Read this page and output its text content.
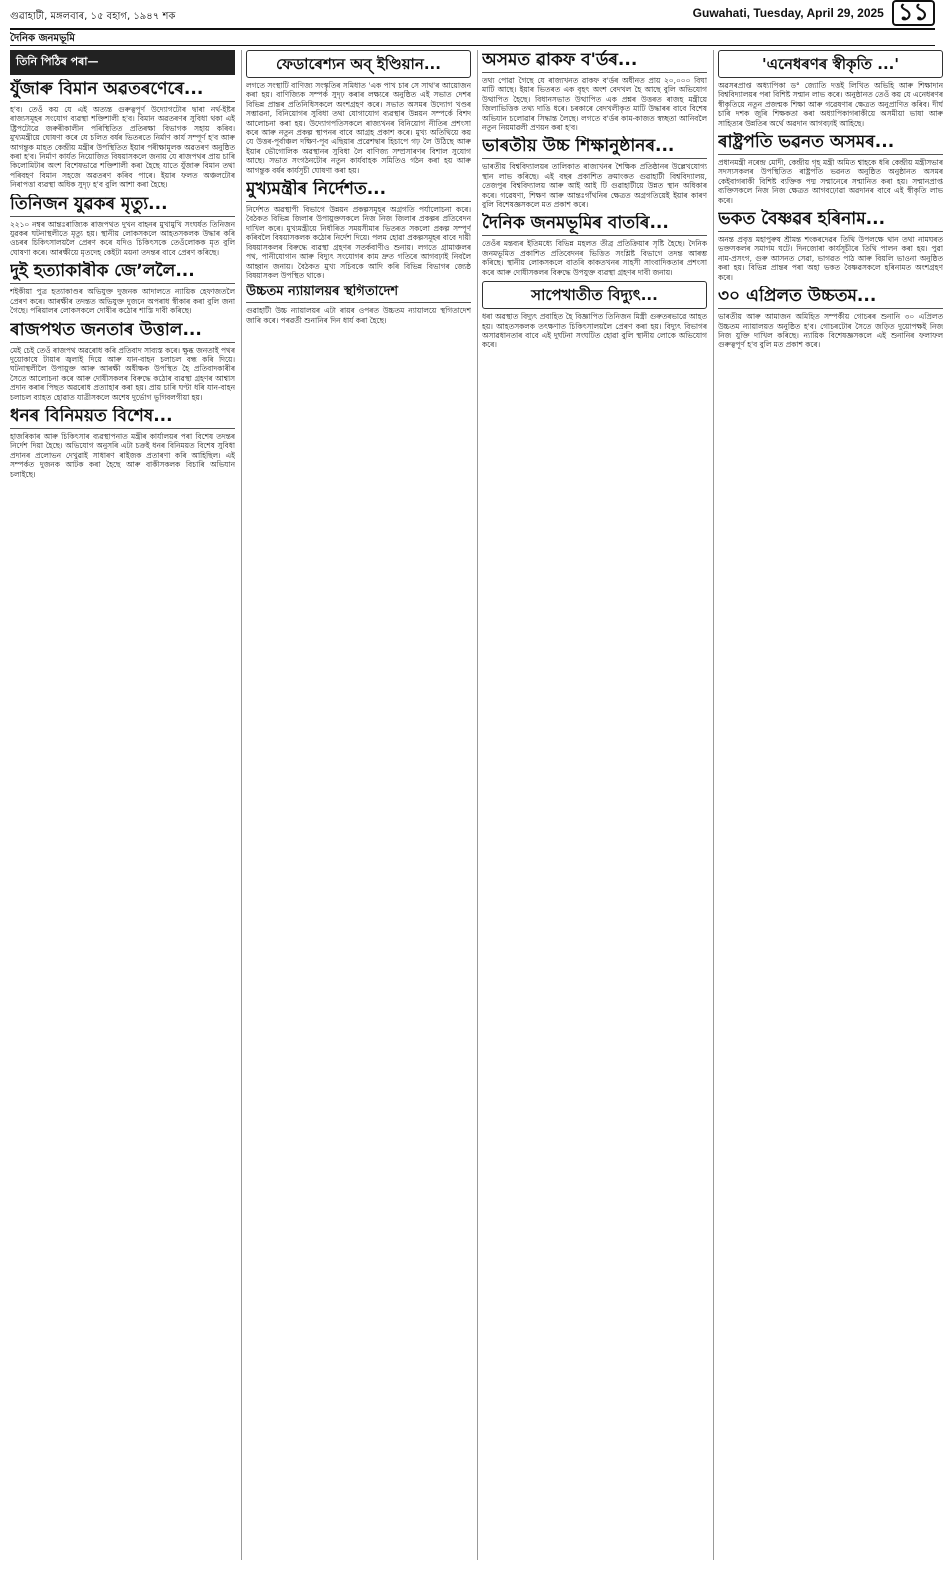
গুৱাহাটী, মঙ্গলবাৰ, ১৫ বহাগ, ১৯৪৭ শক	Guwahati, Tuesday, April 29, 2025 ১১
দৈনিক জনমভূমি
তিনি পিঠিৰ পৰা—
যুঁজাৰু বিমান অৱতৰণেৰে...
হ'ব। তেওঁ কয় যে এই অত্যন্ত গুৰুত্বপূৰ্ণ উদ্যোগটোৰ দ্বাৰা নৰ্থ-ইষ্টৰ ৰাজ্যসমূহৰ সংযোগ ব্যৱস্থা শক্তিশালী হ'ব। বিমান অৱতৰণৰ সুবিধা থকা এই ষ্ট্ৰিপটোৱে জৰুৰীকালীন পৰিস্থিতিত প্ৰতিৰক্ষা বিভাগক সহায় কৰিব। মুখ্যমন্ত্ৰীয়ে ঘোষণা কৰে যে চলিত বৰ্ষৰ ভিতৰতে নিৰ্মাণ কাৰ্য সম্পূৰ্ণ হ'ব আৰু আগন্তুক মাহত কেন্দ্ৰীয় মন্ত্ৰীৰ উপস্থিতিত ইয়াৰ পৰীক্ষামূলক অৱতৰণ অনুষ্ঠিত কৰা হ'ব। নিৰ্মাণ কাৰ্যত নিয়োজিত বিষয়াসকলে জনায় যে ৰাজপথৰ প্ৰায় চাৰি কিলোমিটাৰ অংশ বিশেষভাৱে শক্তিশালী কৰা হৈছে যাতে যুঁজাৰু বিমান তথা পৰিবহণ বিমান সহজে অৱতৰণ কৰিব পাৰে। ইয়াৰ ফলত অঞ্চলটোৰ নিৰাপত্তা ব্যৱস্থা অধিক সুদৃঢ় হ'ব বুলি আশা কৰা হৈছে।
তিনিজন যুৱকৰ মৃত্যু...
২২১০ নম্বৰ আন্তঃৰাজ্যিক ৰাজপথত দুখন বাহনৰ মুখামুখি সংঘৰ্ষত তিনিজন যুৱকৰ ঘটনাস্থলীতে মৃত্যু হয়। স্থানীয় লোকসকলে আহতসকলক উদ্ধাৰ কৰি ওচৰৰ চিকিৎসালয়লৈ প্ৰেৰণ কৰে যদিও চিকিৎসকে তেওঁলোকক মৃত বুলি ঘোষণা কৰে। আৰক্ষীয়ে মৃতদেহ কেইটা ময়না তদন্তৰ বাবে প্ৰেৰণ কৰিছে।
দুই হত্যাকাৰীক জেʼললৈ...
শইকীয়া পুত্ৰ হত্যাকাণ্ডৰ অভিযুক্ত দুজনক আদালতে ন্যায়িক হেফাজতলৈ প্ৰেৰণ কৰে। আৰক্ষীৰ তদন্তত অভিযুক্ত দুজনে অপৰাধ স্বীকাৰ কৰা বুলি জনা গৈছে। পৰিয়ালৰ লোকসকলে দোষীৰ কঠোৰ শাস্তি দাবী কৰিছে।
ৰাজপথত জনতাৰ উত্তাল...
মেই চেই তেওঁ ৰাজপথ অৱৰোধ কৰি প্ৰতিবাদ সাব্যস্ত কৰে। ক্ষুব্ধ জনতাই পথৰ দুয়োকাষে টায়াৰ জ্বলাই দিয়ে আৰু যান-বাহন চলাচল বন্ধ কৰি দিয়ে। ঘটনাস্থলীলৈ উপায়ুক্ত আৰু আৰক্ষী অধীক্ষক উপস্থিত হৈ প্ৰতিবাদকাৰীৰ সৈতে আলোচনা কৰে আৰু দোষীসকলৰ বিৰুদ্ধে কঠোৰ ব্যৱস্থা গ্ৰহণৰ আশ্বাস প্ৰদান কৰাৰ পিছত অৱৰোধ প্ৰত্যাহাৰ কৰা হয়। প্ৰায় চাৰি ঘণ্টা ধৰি যান-বাহন চলাচল ব্যাহত হোৱাত যাত্ৰীসকলে অশেষ দুৰ্ভোগ ভুগিবলগীয়া হয়।
ধনৰ বিনিময়ত বিশেষ...
হাজৰিকাৰ আৰু চিকিৎসাৰ ব্যৱস্থাপনাত মন্ত্ৰীৰ কাৰ্যালয়ৰ পৰা বিশেষ তদন্তৰ নিৰ্দেশ দিয়া হৈছে। অভিযোগ অনুসৰি এটা চক্ৰই ধনৰ বিনিময়ত বিশেষ সুবিধা প্ৰদানৰ প্ৰলোভন দেখুৱাই সাধাৰণ ৰাইজক প্ৰতাৰণা কৰি আহিছিল। এই সম্পৰ্কত দুজনক আটক কৰা হৈছে আৰু বাকীসকলক বিচাৰি অভিযান চলাইছে।
ফেডাৰেশ্যন অব্ ইণ্ডিয়ান...
লগতে সংস্থাটি বাণিজ্য সংস্কৃতিৰ সমিধাত 'এক পাখ চাৰ সে সাথ'ৰ আয়োজন কৰা হয়। বাণিজ্যিক সম্পৰ্ক সুদৃঢ় কৰাৰ লক্ষ্যৰে অনুষ্ঠিত এই সভাত দেশৰ বিভিন্ন প্ৰান্তৰ প্ৰতিনিধিসকলে অংশগ্ৰহণ কৰে। সভাত অসমৰ উদ্যোগ খণ্ডৰ সম্ভাৱনা, বিনিয়োগৰ সুবিধা তথা যোগাযোগ ব্যৱস্থাৰ উন্নয়ন সম্পৰ্কে বিশদ আলোচনা কৰা হয়। উদ্যোগপতিসকলে ৰাজ্যখনৰ বিনিয়োগ নীতিৰ প্ৰশংসা কৰে আৰু নতুন প্ৰকল্প স্থাপনৰ বাবে আগ্ৰহ প্ৰকাশ কৰে। মুখ্য অতিথিয়ে কয় যে উত্তৰ-পূৰ্বাঞ্চল দক্ষিণ-পূব এছিয়াৰ প্ৰৱেশদ্বাৰ হিচাপে গঢ় লৈ উঠিছে আৰু ইয়াৰ ভৌগোলিক অৱস্থানৰ সুবিধা লৈ বাণিজ্য সম্প্ৰসাৰণৰ বিশাল সুযোগ আছে। সভাত সংগঠনটোৰ নতুন কাৰ্যবাহক সমিতিও গঠন কৰা হয় আৰু আগন্তুক বৰ্ষৰ কাৰ্যসূচী ঘোষণা কৰা হয়।
মুখ্যমন্ত্ৰীৰ নিৰ্দেশত...
নিৰ্দেশত অৱস্থাপী বিভাগে উন্নয়ন প্ৰকল্পসমূহৰ অগ্ৰগতি পৰ্যালোচনা কৰে। বৈঠকত বিভিন্ন জিলাৰ উপায়ুক্তসকলে নিজ নিজ জিলাৰ প্ৰকল্পৰ প্ৰতিবেদন দাখিল কৰে। মুখ্যমন্ত্ৰীয়ে নিৰ্ধাৰিত সময়সীমাৰ ভিতৰত সকলো প্ৰকল্প সম্পূৰ্ণ কৰিবলৈ বিষয়াসকলক কঠোৰ নিৰ্দেশ দিয়ে। পলম হোৱা প্ৰকল্পসমূহৰ বাবে দায়ী বিষয়াসকলৰ বিৰুদ্ধে ব্যৱস্থা গ্ৰহণৰ সতৰ্কবাণীও শুনায়। লগতে গ্ৰামাঞ্চলৰ পথ, পানীযোগান আৰু বিদ্যুৎ সংযোগৰ কাম দ্ৰুত গতিৰে আগবঢ়াই নিবলৈ আহ্বান জনায়। বৈঠকত মুখ্য সচিবকে আদি কৰি বিভিন্ন বিভাগৰ জ্যেষ্ঠ বিষয়াসকল উপস্থিত থাকে।
উচ্চতম ন্যায়ালয়ৰ স্থগিতাদেশ
গুৱাহাটী উচ্চ ন্যায়ালয়ৰ এটা ৰায়ৰ ওপৰত উচ্চতম ন্যায়ালয়ে স্থগিতাদেশ জাৰি কৰে। পৰৱৰ্তী শুনানিৰ দিন ধাৰ্য কৰা হৈছে।
অসমত ৱাকফ ব'ৰ্ডৰ...
তথ্য পোৱা গৈছে যে ৰাজ্যখনত ৱাকফ ব'ৰ্ডৰ অধীনত প্ৰায় ২০,০০০ বিঘা মাটি আছে। ইয়াৰ ভিতৰত এক বৃহৎ অংশ বেদখল হৈ আছে বুলি অভিযোগ উত্থাপিত হৈছে। বিধানসভাত উত্থাপিত এক প্ৰশ্নৰ উত্তৰত ৰাজহ মন্ত্ৰীয়ে জিলাভিত্তিক তথ্য দাঙি ধৰে। চৰকাৰে বেদখলীকৃত মাটি উদ্ধাৰৰ বাবে বিশেষ অভিযান চলোৱাৰ সিদ্ধান্ত লৈছে। লগতে ব'ৰ্ডৰ কাম-কাজত স্বচ্ছতা আনিবলৈ নতুন নিয়মাৱলী প্ৰণয়ন কৰা হ'ব।
ভাৰতীয় উচ্চ শিক্ষানুষ্ঠানৰ...
ভাৰতীয় বিশ্ববিদ্যালয়ৰ তালিকাত ৰাজ্যখনৰ শৈক্ষিক প্ৰতিষ্ঠানৰ উল্লেখযোগ্য স্থান লাভ কৰিছে। এই বছৰ প্ৰকাশিত ক্ৰমাংকত গুৱাহাটী বিশ্ববিদ্যালয়, তেজপুৰ বিশ্ববিদ্যালয় আৰু আই আই টি গুৱাহাটীয়ে উন্নত স্থান অধিকাৰ কৰে। গৱেষণা, শিক্ষণ আৰু আন্তঃগাঁথনিৰ ক্ষেত্ৰত অগ্ৰগতিয়েই ইয়াৰ কাৰণ বুলি বিশেষজ্ঞসকলে মত প্ৰকাশ কৰে।
দৈনিক জনমভূমিৰ বাতৰি...
তেওঁৰ মন্তব্যৰ ইতিমধ্যে বিভিন্ন মহলত তীব্ৰ প্ৰতিক্ৰিয়াৰ সৃষ্টি হৈছে। দৈনিক জনমভূমিত প্ৰকাশিত প্ৰতিবেদনৰ ভিত্তিত সংশ্লিষ্ট বিভাগে তদন্ত আৰম্ভ কৰিছে। স্থানীয় লোকসকলে বাতৰি কাকতখনৰ সাহসী সাংবাদিকতাৰ প্ৰশংসা কৰে আৰু দোষীসকলৰ বিৰুদ্ধে উপযুক্ত ব্যৱস্থা গ্ৰহণৰ দাবী জনায়।
সাপেখাতীত বিদ্যুৎ...
ধৰা অৱস্থাত বিদ্যুৎ প্ৰবাহিত হৈ বিজ্ঞাপিত তিনিজন মিস্ত্ৰী গুৰুতৰভাৱে আহত হয়। আহতসকলক তৎক্ষণাত চিকিৎসালয়লৈ প্ৰেৰণ কৰা হয়। বিদ্যুৎ বিভাগৰ অসাৱধানতাৰ বাবে এই দুৰ্ঘটনা সংঘটিত হোৱা বুলি স্থানীয় লোকে অভিযোগ কৰে।
'এনেধৰণৰ স্বীকৃতি ...'
অৱসৰপ্ৰাপ্ত অধ্যাপিকা ড° জ্যোতি দত্তই লিখিত অভিহি আৰু শিক্ষাদান বিশ্ববিদ্যালয়ৰ পৰা বিশিষ্ট সন্মান লাভ কৰে। অনুষ্ঠানত তেওঁ কয় যে এনেধৰণৰ স্বীকৃতিয়ে নতুন প্ৰজন্মক শিক্ষা আৰু গৱেষণাৰ ক্ষেত্ৰত অনুপ্ৰাণিত কৰিব। দীৰ্ঘ চাৰি দশক জুৰি শিক্ষকতা কৰা অধ্যাপিকাগৰাকীয়ে অসমীয়া ভাষা আৰু সাহিত্যৰ উন্নতিৰ অৰ্থে অৱদান আগবঢ়াই আহিছে।
ৰাষ্ট্ৰপতি ভৱনত অসমৰ...
প্ৰধানমন্ত্ৰী নৰেন্দ্ৰ মোদী, কেন্দ্ৰীয় গৃহ মন্ত্ৰী অমিত শ্বাহকে ধৰি কেন্দ্ৰীয় মন্ত্ৰীসভাৰ সদস্যসকলৰ উপস্থিতিত ৰাষ্ট্ৰপতি ভৱনত অনুষ্ঠিত অনুষ্ঠানত অসমৰ কেইবাগৰাকী বিশিষ্ট ব্যক্তিক পদ্ম সন্মানেৰে সন্মানিত কৰা হয়। সন্মানপ্ৰাপ্ত ব্যক্তিসকলে নিজ নিজ ক্ষেত্ৰত আগবঢ়োৱা অৱদানৰ বাবে এই স্বীকৃতি লাভ কৰে।
ভকত বৈষ্ণৱৰ হৰিনাম...
অনন্ত প্ৰবৃত্ত মহাপুৰুষ শ্ৰীমন্ত শংকৰদেৱৰ তিথি উপলক্ষে থান তথা নামঘৰত ভক্তসকলৰ সমাগম ঘটে। দিনজোৰা কাৰ্যসূচীৰে তিথি পালন কৰা হয়। পুৱা নাম-প্ৰসংগ, গুৰু আসনত সেৱা, ভাগৱত পাঠ আৰু বিয়লি ভাওনা অনুষ্ঠিত কৰা হয়। বিভিন্ন প্ৰান্তৰ পৰা অহা ভকত বৈষ্ণৱসকলে হৰিনামত অংশগ্ৰহণ কৰে।
৩০ এপ্ৰিলত উচ্চতম...
ভাৰতীয় আৰু আমাজন অমিহিত সম্পৰ্কীয় গোচৰৰ শুনানি ৩০ এপ্ৰিলত উচ্চতম ন্যায়ালয়ত অনুষ্ঠিত হ'ব। গোচৰটোৰ সৈতে জড়িত দুয়োপক্ষই নিজ নিজ যুক্তি দাখিল কৰিছে। ন্যায়িক বিশেষজ্ঞসকলে এই শুনানিৰ ফলাফল গুৰুত্বপূৰ্ণ হ'ব বুলি মত প্ৰকাশ কৰে।
